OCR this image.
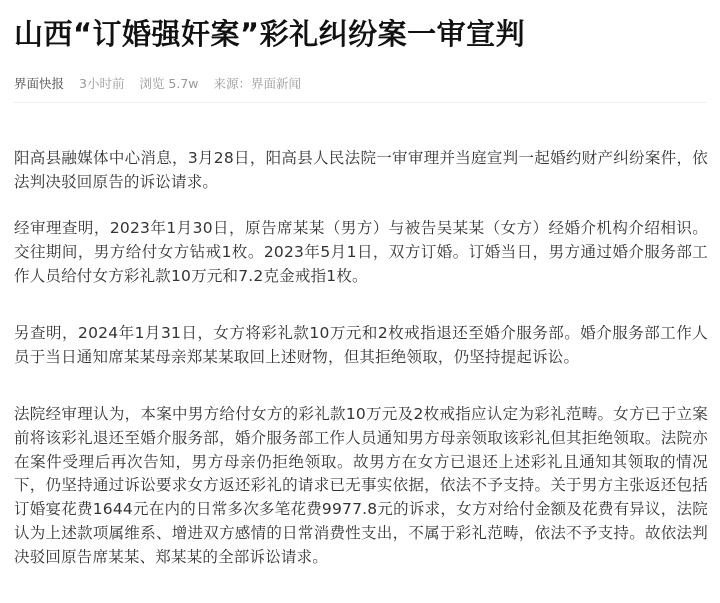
山西“订婚强奸案”彩礼纠纷案一审宣判
界面快报 3小时前 浏览 5.7w 来源：界面新闻

阳高县融媒体中心消息，3月28日，阳高县人民法院一审审理并当庭宣判一起婚约财产纠纷案件，依法判决驳回原告的诉讼请求。

经审理查明，2023年1月30日，原告席某某（男方）与被告吴某某（女方）经婚介机构介绍相识。交往期间，男方给付女方钻戒1枚。2023年5月1日，双方订婚。订婚当日，男方通过婚介服务部工作人员给付女方彩礼款10万元和7.2克金戒指1枚。

另查明，2024年1月31日，女方将彩礼款10万元和2枚戒指退还至婚介服务部。婚介服务部工作人员于当日通知席某某母亲郑某某取回上述财物，但其拒绝领取，仍坚持提起诉讼。

法院经审理认为，本案中男方给付女方的彩礼款10万元及2枚戒指应认定为彩礼范畴。女方已于立案前将该彩礼退还至婚介服务部，婚介服务部工作人员通知男方母亲领取该彩礼但其拒绝领取。法院亦在案件受理后再次告知，男方母亲仍拒绝领取。故男方在女方已退还上述彩礼且通知其领取的情况下，仍坚持通过诉讼要求女方返还彩礼的请求已无事实依据，依法不予支持。关于男方主张返还包括订婚宴花费1644元在内的日常多次多笔花费9977.8元的诉求，女方对给付金额及花费有异议，法院认为上述款项属维系、增进双方感情的日常消费性支出，不属于彩礼范畴，依法不予支持。故依法判决驳回原告席某某、郑某某的全部诉讼请求。
